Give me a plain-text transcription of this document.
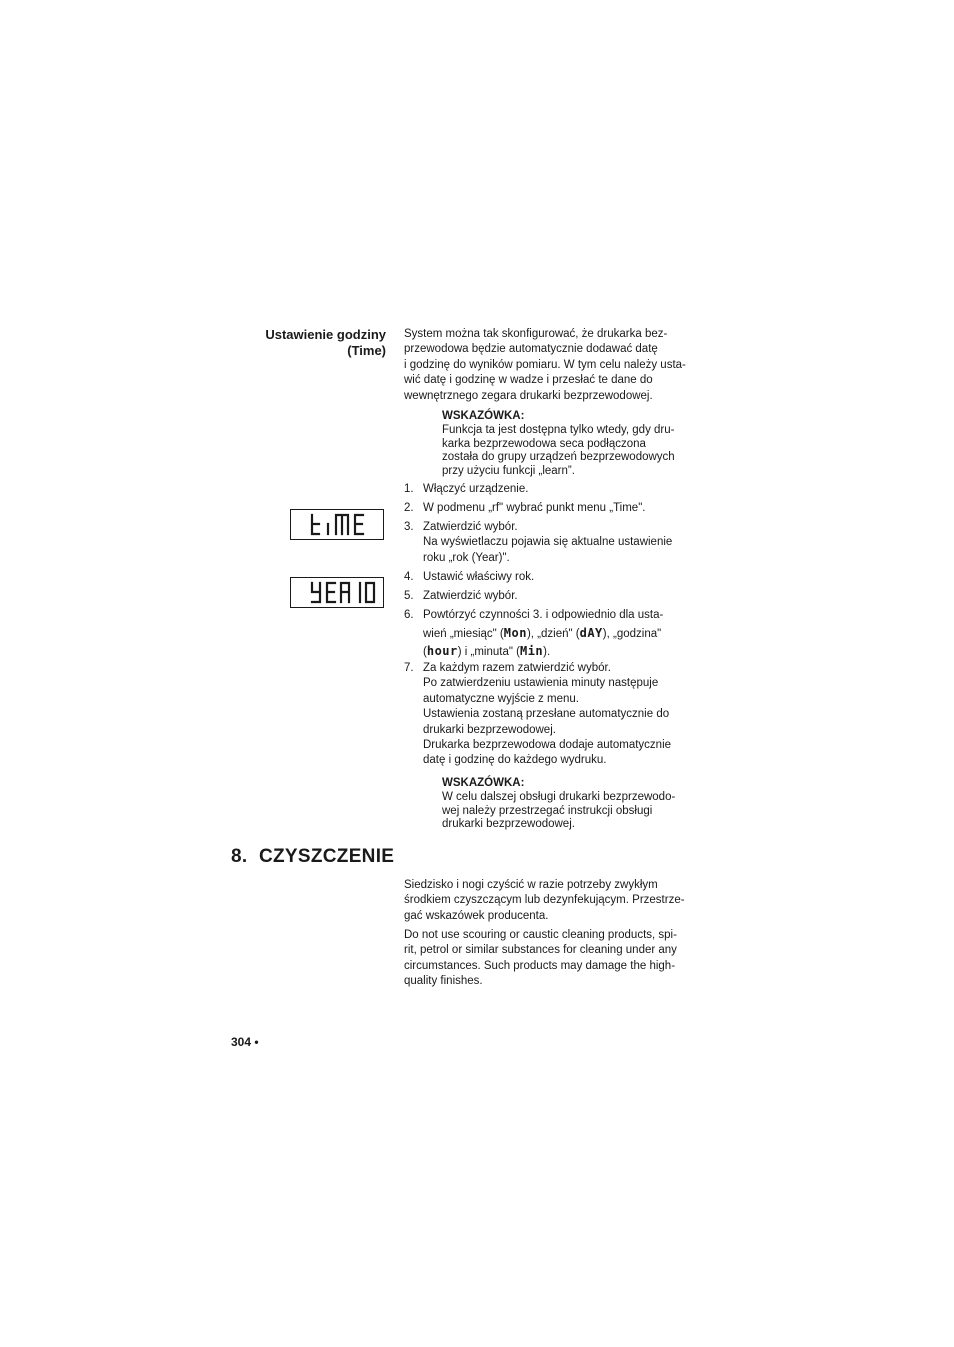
Ustawienie godziny
(Time)

System można tak skonfigurować, że drukarka bez-

przewodowa będzie automatycznie dodawać datę

i godzinę do wyników pomiaru. W tym celu należy usta-

wić datę i godzinę w wadze i przesłać te dane do

wewnętrznego zegara drukarki bezprzewodowej.

WSKAZÓWKA:
Funkcja ta jest dostępna tylko wtedy, gdy dru-
karka bezprzewodowa seca podłączona
została do grupy urządzeń bezprzewodowych
przy użyciu funkcji „learn”.
1. Włączyć urządzenie.
2. W podmenu „rf" wybrać punkt menu „Time".
3. Zatwierdzić wybór.
Na wyświetlaczu pojawia się aktualne ustawienie
roku „rok (Year)".
4. Ustawić właściwy rok.
5. Zatwierdzić wybór.
6. Powtórzyć czynności 3. i odpowiednio dla usta-
wień „miesiąc" (Mon), „dzień" (dAY), „godzina"
(hour) i „minuta" (Min).
7. Za każdym razem zatwierdzić wybór.
Po zatwierdzeniu ustawienia minuty następuje
automatyczne wyjście z menu.
Ustawienia zostaną przesłane automatycznie do
drukarki bezprzewodowej.
Drukarka bezprzewodowa dodaje automatycznie
datę i godzinę do każdego wydruku.
WSKAZÓWKA:
W celu dalszej obsługi drukarki bezprzewodo-
wej należy przestrzegać instrukcji obsługi
drukarki bezprzewodowej.
8. CZYSZCZENIE

Siedzisko i nogi czyścić w razie potrzeby zwykłym

środkiem czyszczącym lub dezynfekującym. Przestrze-

gać wskazówek producenta.

Do not use scouring or caustic cleaning products, spi-

rit, petrol or similar substances for cleaning under any

circumstances. Such products may damage the high-

quality finishes.

304 •
